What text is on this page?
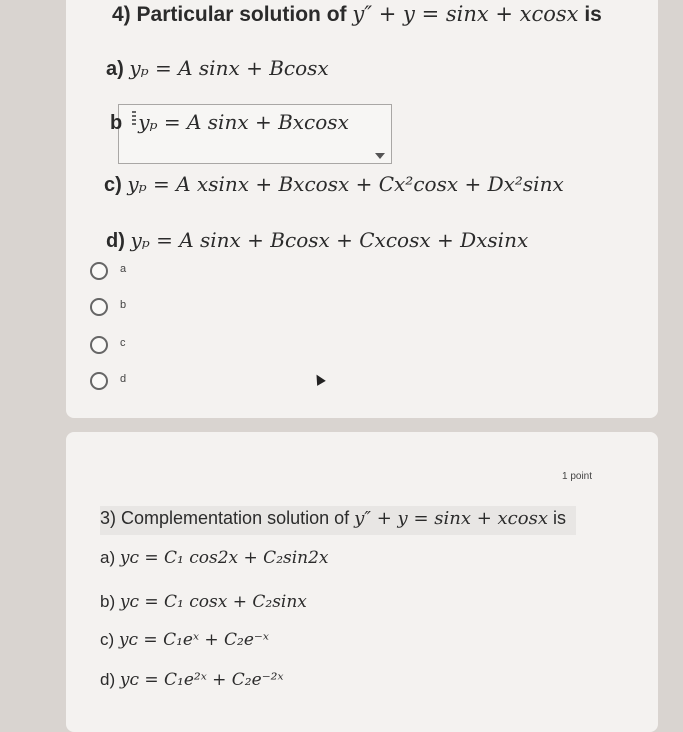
4) Particular solution of y″ + y = sinx + xcosx is
a) yₚ = A sinx + Bcosx
b yₚ = A sinx + Bxcosx
c) yₚ = A xsinx + Bxcosx + Cx²cosx + Dx²sinx
d) yₚ = A sinx + Bcosx + Cxcosx + Dxsinx
a
b
c
d
1 point
3) Complementation solution of y″ + y = sinx + xcosx is
a) yᴄ = C₁ cos2x + C₂sin2x
b) yᴄ = C₁ cosx + C₂sinx
c) yᴄ = C₁eˣ + C₂e⁻ˣ
d) yᴄ = C₁e²ˣ + C₂e⁻²ˣ
